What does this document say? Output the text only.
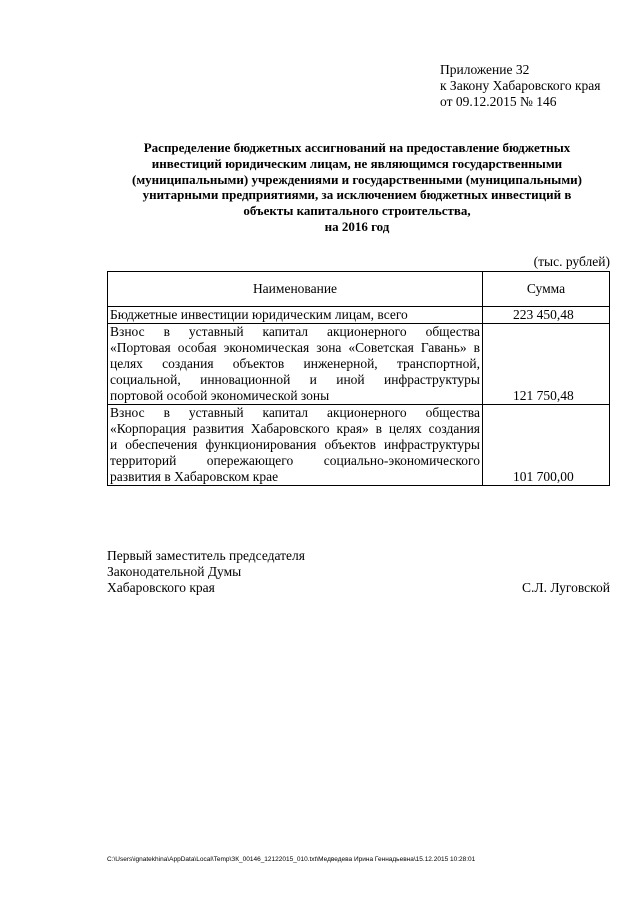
Приложение 32
к Закону Хабаровского края
от 09.12.2015 № 146
Распределение бюджетных ассигнований на предоставление бюджетных
инвестиций юридическим лицам, не являющимся государственными
(муниципальными) учреждениями и государственными (муниципальными)
унитарными предприятиями, за исключением бюджетных инвестиций в
объекты капитального строительства,
на 2016 год
(тыс. рублей)
Наименование	Сумма

Бюджетные инвестиции юридическим лицам, всего	223 450,48

Взнос в уставный капитал акционерного общества
«Портовая особая экономическая зона «Советская Гавань» в
целях создания объектов инженерной, транспортной,
социальной, инновационной и иной инфраструктуры
портовой особой экономической зоны	121 750,48

Взнос в уставный капитал акционерного общества
«Корпорация развития Хабаровского края» в целях создания
и обеспечения функционирования объектов инфраструктуры
территорий опережающего социально-экономического
развития в Хабаровском крае	101 700,00
Первый заместитель председателя
Законодательной Думы
Хабаровского края	С.Л. Луговской
C:\Users\ignatekhina\AppData\Local\Temp\ЗК_00146_12122015_010.txt\Медведева Ирина Геннадьевна\15.12.2015 10:28:01
